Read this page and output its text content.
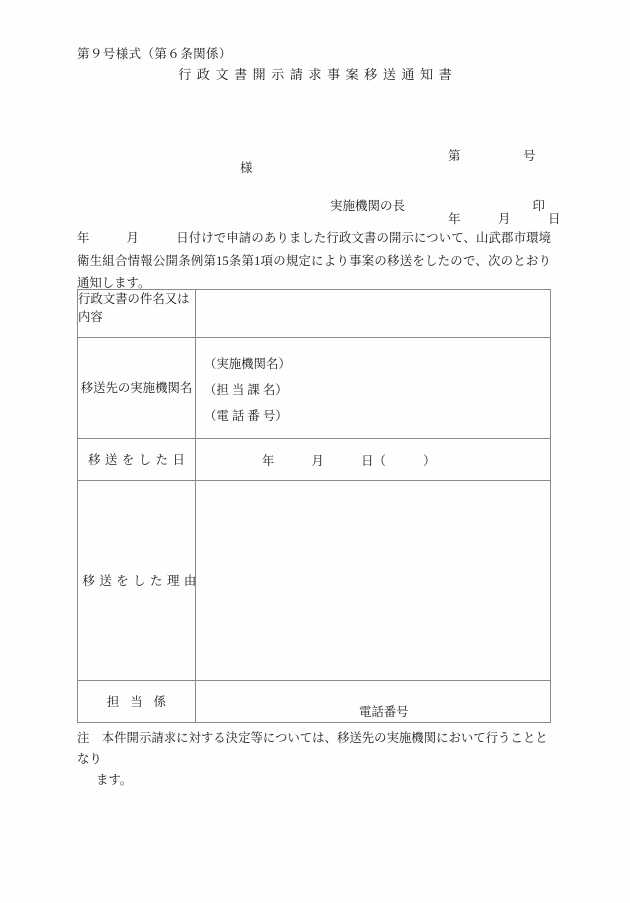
第９号様式（第６条関係）
行政文書開示請求事案移送通知書

第　　　　　号

年　　　月　　　日

様
実施機関の長	印
年　　　月　　　日付けで申請のありました行政文書の開示について、山武郡市環境衛生組合情報公開条例第15条第1項の規定により事案の移送をしたので、次のとおり通知します。
行政文書の件名又は内容	
移送先の実施機関名	（実施機関名）
（担 当 課 名）
（電 話 番 号）

移送をした日	年　　　月　　　日（　　　）

移送をした理由	
担当係	電話番号
注　本件開示請求に対する決定等については、移送先の実施機関において行うこととなり
ます。
